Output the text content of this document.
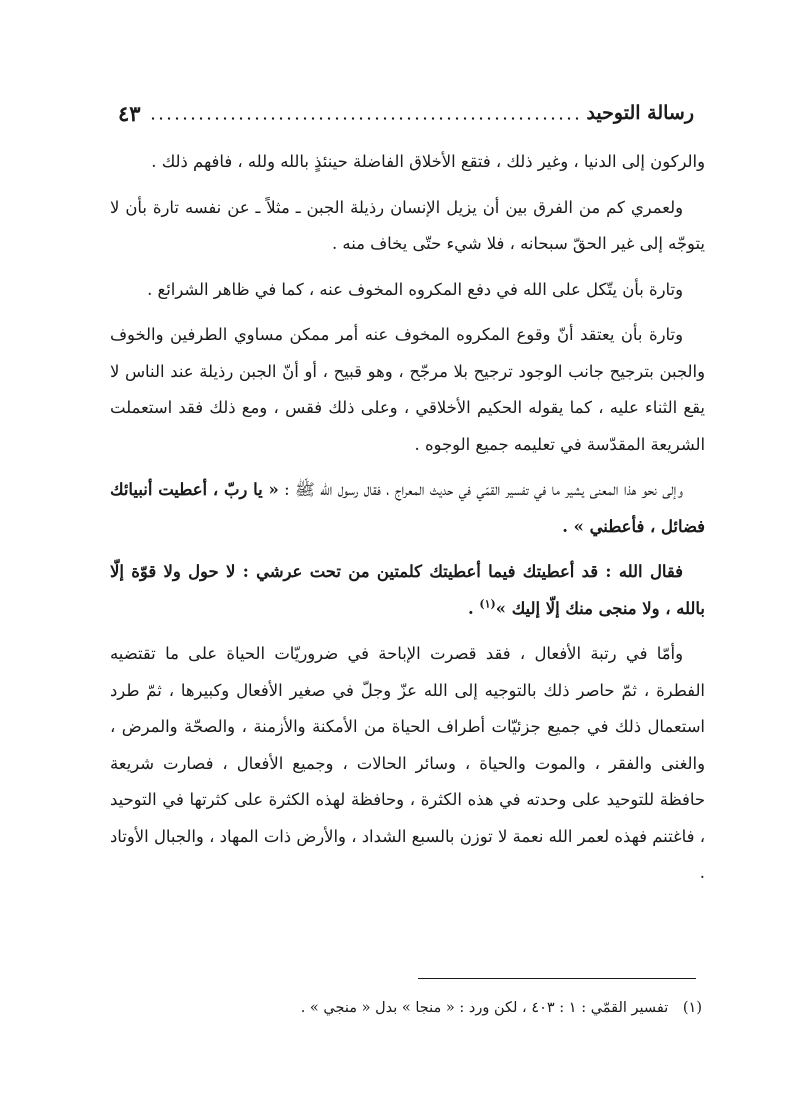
رسالة التوحيد
٤٣

والركون إلى الدنيا ، وغير ذلك ، فتقع الأخلاق الفاضلة حينئذٍ بالله ولله ، فافهم ذلك .

ولعمري كم من الفرق بين أن يزيل الإنسان رذيلة الجبن ـ مثلاً ـ عن نفسه تارة بأن لا يتوجّه إلى غير الحقّ سبحانه ، فلا شيء حتّى يخاف منه .

وتارة بأن يتّكل على الله في دفع المكروه المخوف عنه ، كما في ظاهر الشرائع .

وتارة بأن يعتقد أنّ وقوع المكروه المخوف عنه أمر ممكن مساوي الطرفين والخوف والجبن بترجيح جانب الوجود ترجيح بلا مرجّح ، وهو قبيح ، أو أنّ الجبن رذيلة عند الناس لا يقع الثناء عليه ، كما يقوله الحكيم الأخلاقي ، وعلى ذلك فقس ، ومع ذلك فقد استعملت الشريعة المقدّسة في تعليمه جميع الوجوه .

وإلى نحو هذا المعنى يشير ما في تفسير القمّي في حديث المعراج ، فقال رسول الله ﷺ : « يا ربّ ، أعطيت أنبيائك فضائل ، فأعطني » .

فقال الله : قد أعطيتك فيما أعطيتك كلمتين من تحت عرشي : لا حول ولا قوّة إلّا بالله ، ولا منجى منك إلّا إليك »$^{(١)}$ .

وأمّا في رتبة الأفعال ، فقد قصرت الإباحة في ضروريّات الحياة على ما تقتضيه الفطرة ، ثمّ حاصر ذلك بالتوجيه إلى الله عزّ وجلّ في صغير الأفعال وكبيرها ، ثمّ طرد استعمال ذلك في جميع جزئيّات أطراف الحياة من الأمكنة والأزمنة ، والصحّة والمرض ، والغنى والفقر ، والموت والحياة ، وسائر الحالات ، وجميع الأفعال ، فصارت شريعة حافظة للتوحيد على وحدته في هذه الكثرة ، وحافظة لهذه الكثرة على كثرتها في التوحيد ، فاغتنم فهذه لعمر الله نعمة لا توزن بالسبع الشداد ، والأرض ذات المهاد ، والجبال الأوتاد .

(١) تفسير القمّي : ١ : ٤٠٣ ، لكن ورد : « منجا » بدل « منجي » .
